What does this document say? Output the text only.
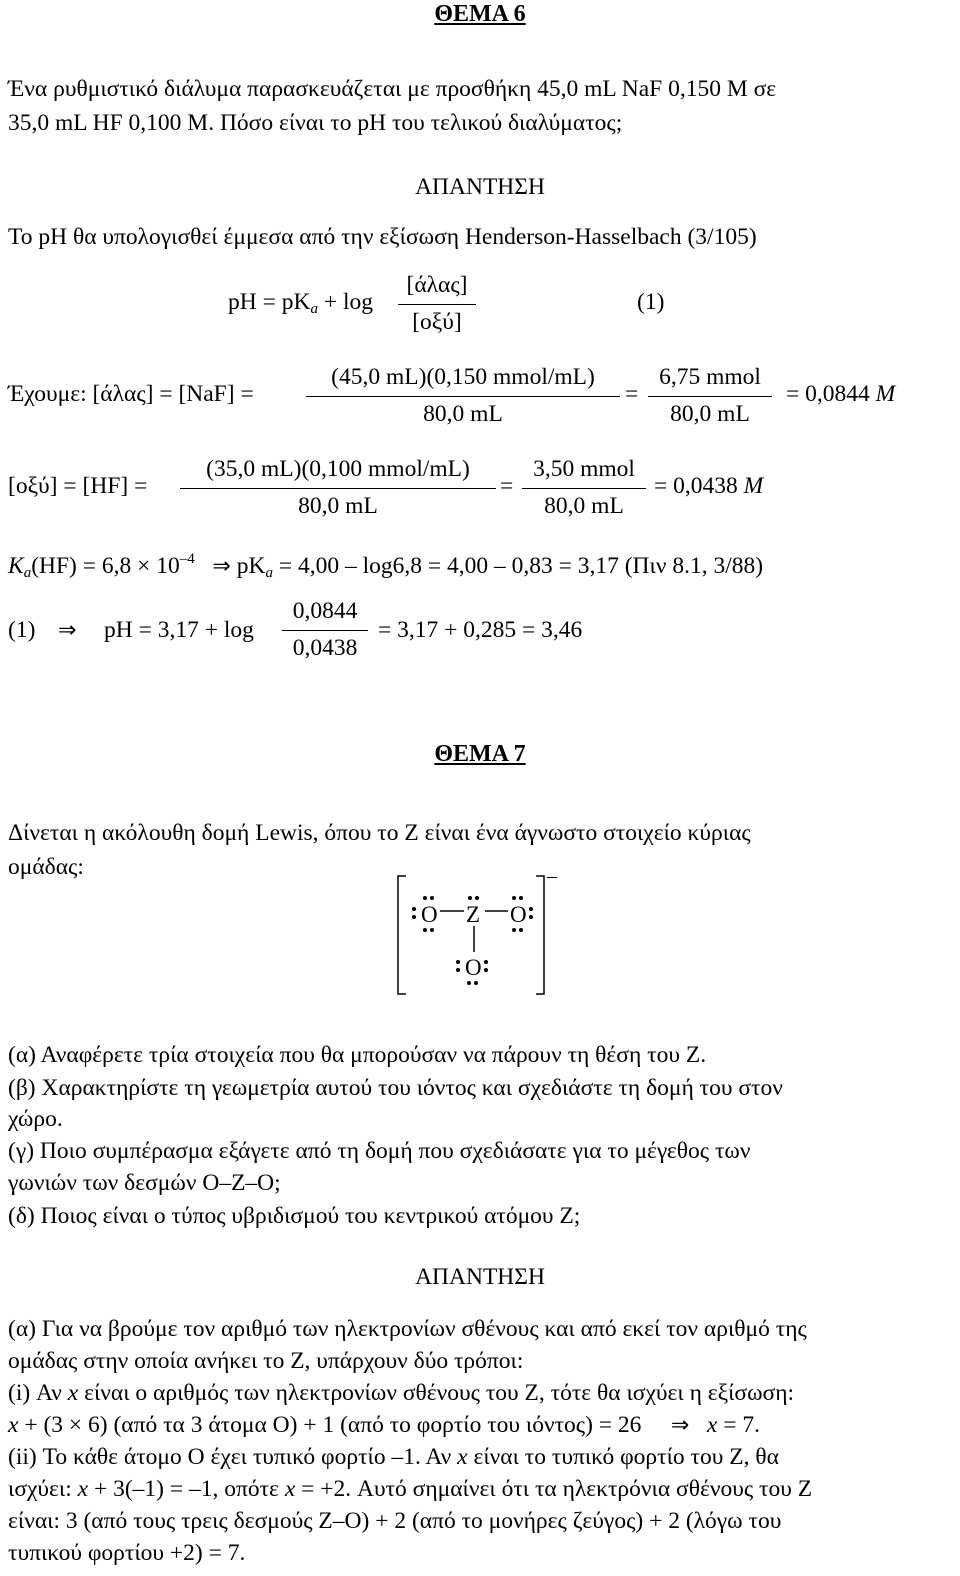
ΘΕΜΑ 6
Ένα ρυθμιστικό διάλυμα παρασκευάζεται με προσθήκη 45,0 mL NaF 0,150 M σε
35,0 mL HF 0,100 M. Πόσο είναι το pH του τελικού διαλύματος;
ΑΠΑΝΤΗΣΗ
Το pH θα υπολογισθεί έμμεσα από την εξίσωση Henderson-Hasselbach (3/105)
pH = $pK_a + \log$
[άλας]
[οξύ]
(1)
Έχουμε: [άλας] = [NaF] =
(45,0 mL)(0,150 mmol/mL)
80,0 mL
=
6,75 mmol
80,0 mL
= 0,0844 M
[οξύ] = [HF] =
(35,0 mL)(0,100 mmol/mL)
80,0 mL
=
3,50 mmol
80,0 mL
= 0,0438 M
$K_a(HF) = 6,8 \times 10^{-4}$ ⇒ $pK_a = 4,00 - \log 6,8 = 4,00 - 0,83 = 3,17$ (Πιν 8.1, 3/88)
(1) ⇒ pH = $3,17 + \log \frac{0,0844}{0,0438} = 3,17 + 0,285 = 3,46$
ΘΕΜΑ 7
Δίνεται η ακόλουθη δομή Lewis, όπου το Z είναι ένα άγνωστο στοιχείο κύριας
ομάδας:	–
O Z O
O
(α) Αναφέρετε τρία στοιχεία που θα μπορούσαν να πάρουν τη θέση του Z.
(β) Χαρακτηρίστε τη γεωμετρία αυτού του ιόντος και σχεδιάστε τη δομή του στον
χώρο.
(γ) Ποιο συμπέρασμα εξάγετε από τη δομή που σχεδιάσατε για το μέγεθος των
γωνιών των δεσμών O–Z–O;
(δ) Ποιος είναι ο τύπος υβριδισμού του κεντρικού ατόμου Z;
ΑΠΑΝΤΗΣΗ
(α) Για να βρούμε τον αριθμό των ηλεκτρονίων σθένους και από εκεί τον αριθμό της
ομάδας στην οποία ανήκει το Z, υπάρχουν δύο τρόποι:
(i) Αν x είναι ο αριθμός των ηλεκτρονίων σθένους του Z, τότε θα ισχύει η εξίσωση:
x + (3 × 6) (από τα 3 άτομα O) + 1 (από το φορτίο του ιόντος) = 26 ⇒ x = 7.
(ii) Το κάθε άτομο O έχει τυπικό φορτίο –1. Αν x είναι το τυπικό φορτίο του Z, θα
ισχύει: x + 3(–1) = –1, οπότε x = +2. Αυτό σημαίνει ότι τα ηλεκτρόνια σθένους του Z
είναι: 3 (από τους τρεις δεσμούς Z–O) + 2 (από το μονήρες ζεύγος) + 2 (λόγω του
τυπικού φορτίου +2) = 7.
